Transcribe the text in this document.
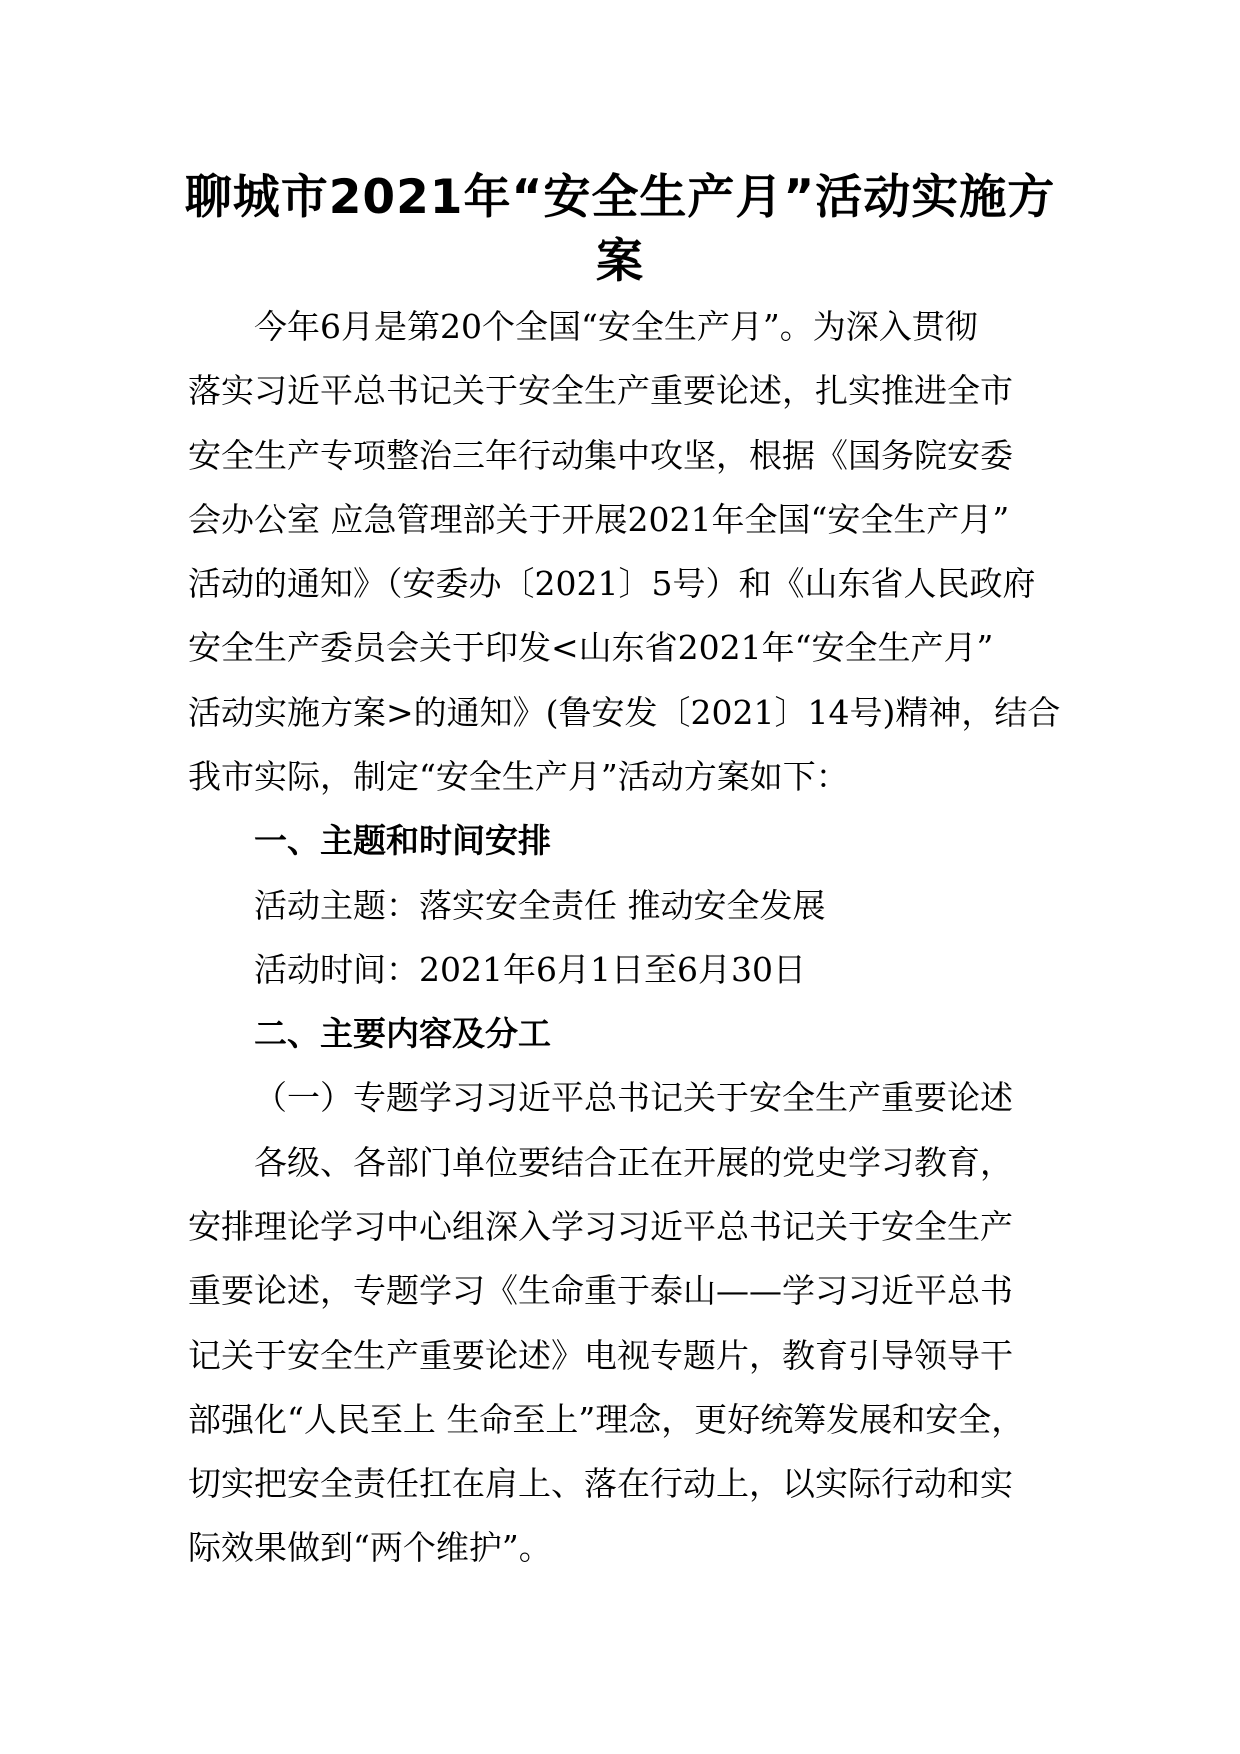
聊城市2021年“安全生产月”活动实施方
案

今年6月是第20个全国“安全生产月”。为深入贯彻

落实习近平总书记关于安全生产重要论述，扎实推进全市

安全生产专项整治三年行动集中攻坚，根据《国务院安委

会办公室 应急管理部关于开展2021年全国“安全生产月”

活动的通知》（安委办〔2021〕5号）和《山东省人民政府

安全生产委员会关于印发<山东省2021年“安全生产月”

活动实施方案>的通知》(鲁安发〔2021〕14号)精神，结合

我市实际，制定“安全生产月”活动方案如下：

一、主题和时间安排

活动主题：落实安全责任 推动安全发展

活动时间：2021年6月1日至6月30日

二、主要内容及分工

（一）专题学习习近平总书记关于安全生产重要论述

各级、各部门单位要结合正在开展的党史学习教育，

安排理论学习中心组深入学习习近平总书记关于安全生产

重要论述，专题学习《生命重于泰山——学习习近平总书

记关于安全生产重要论述》电视专题片，教育引导领导干

部强化“人民至上 生命至上”理念，更好统筹发展和安全，

切实把安全责任扛在肩上、落在行动上，以实际行动和实

际效果做到“两个维护”。
